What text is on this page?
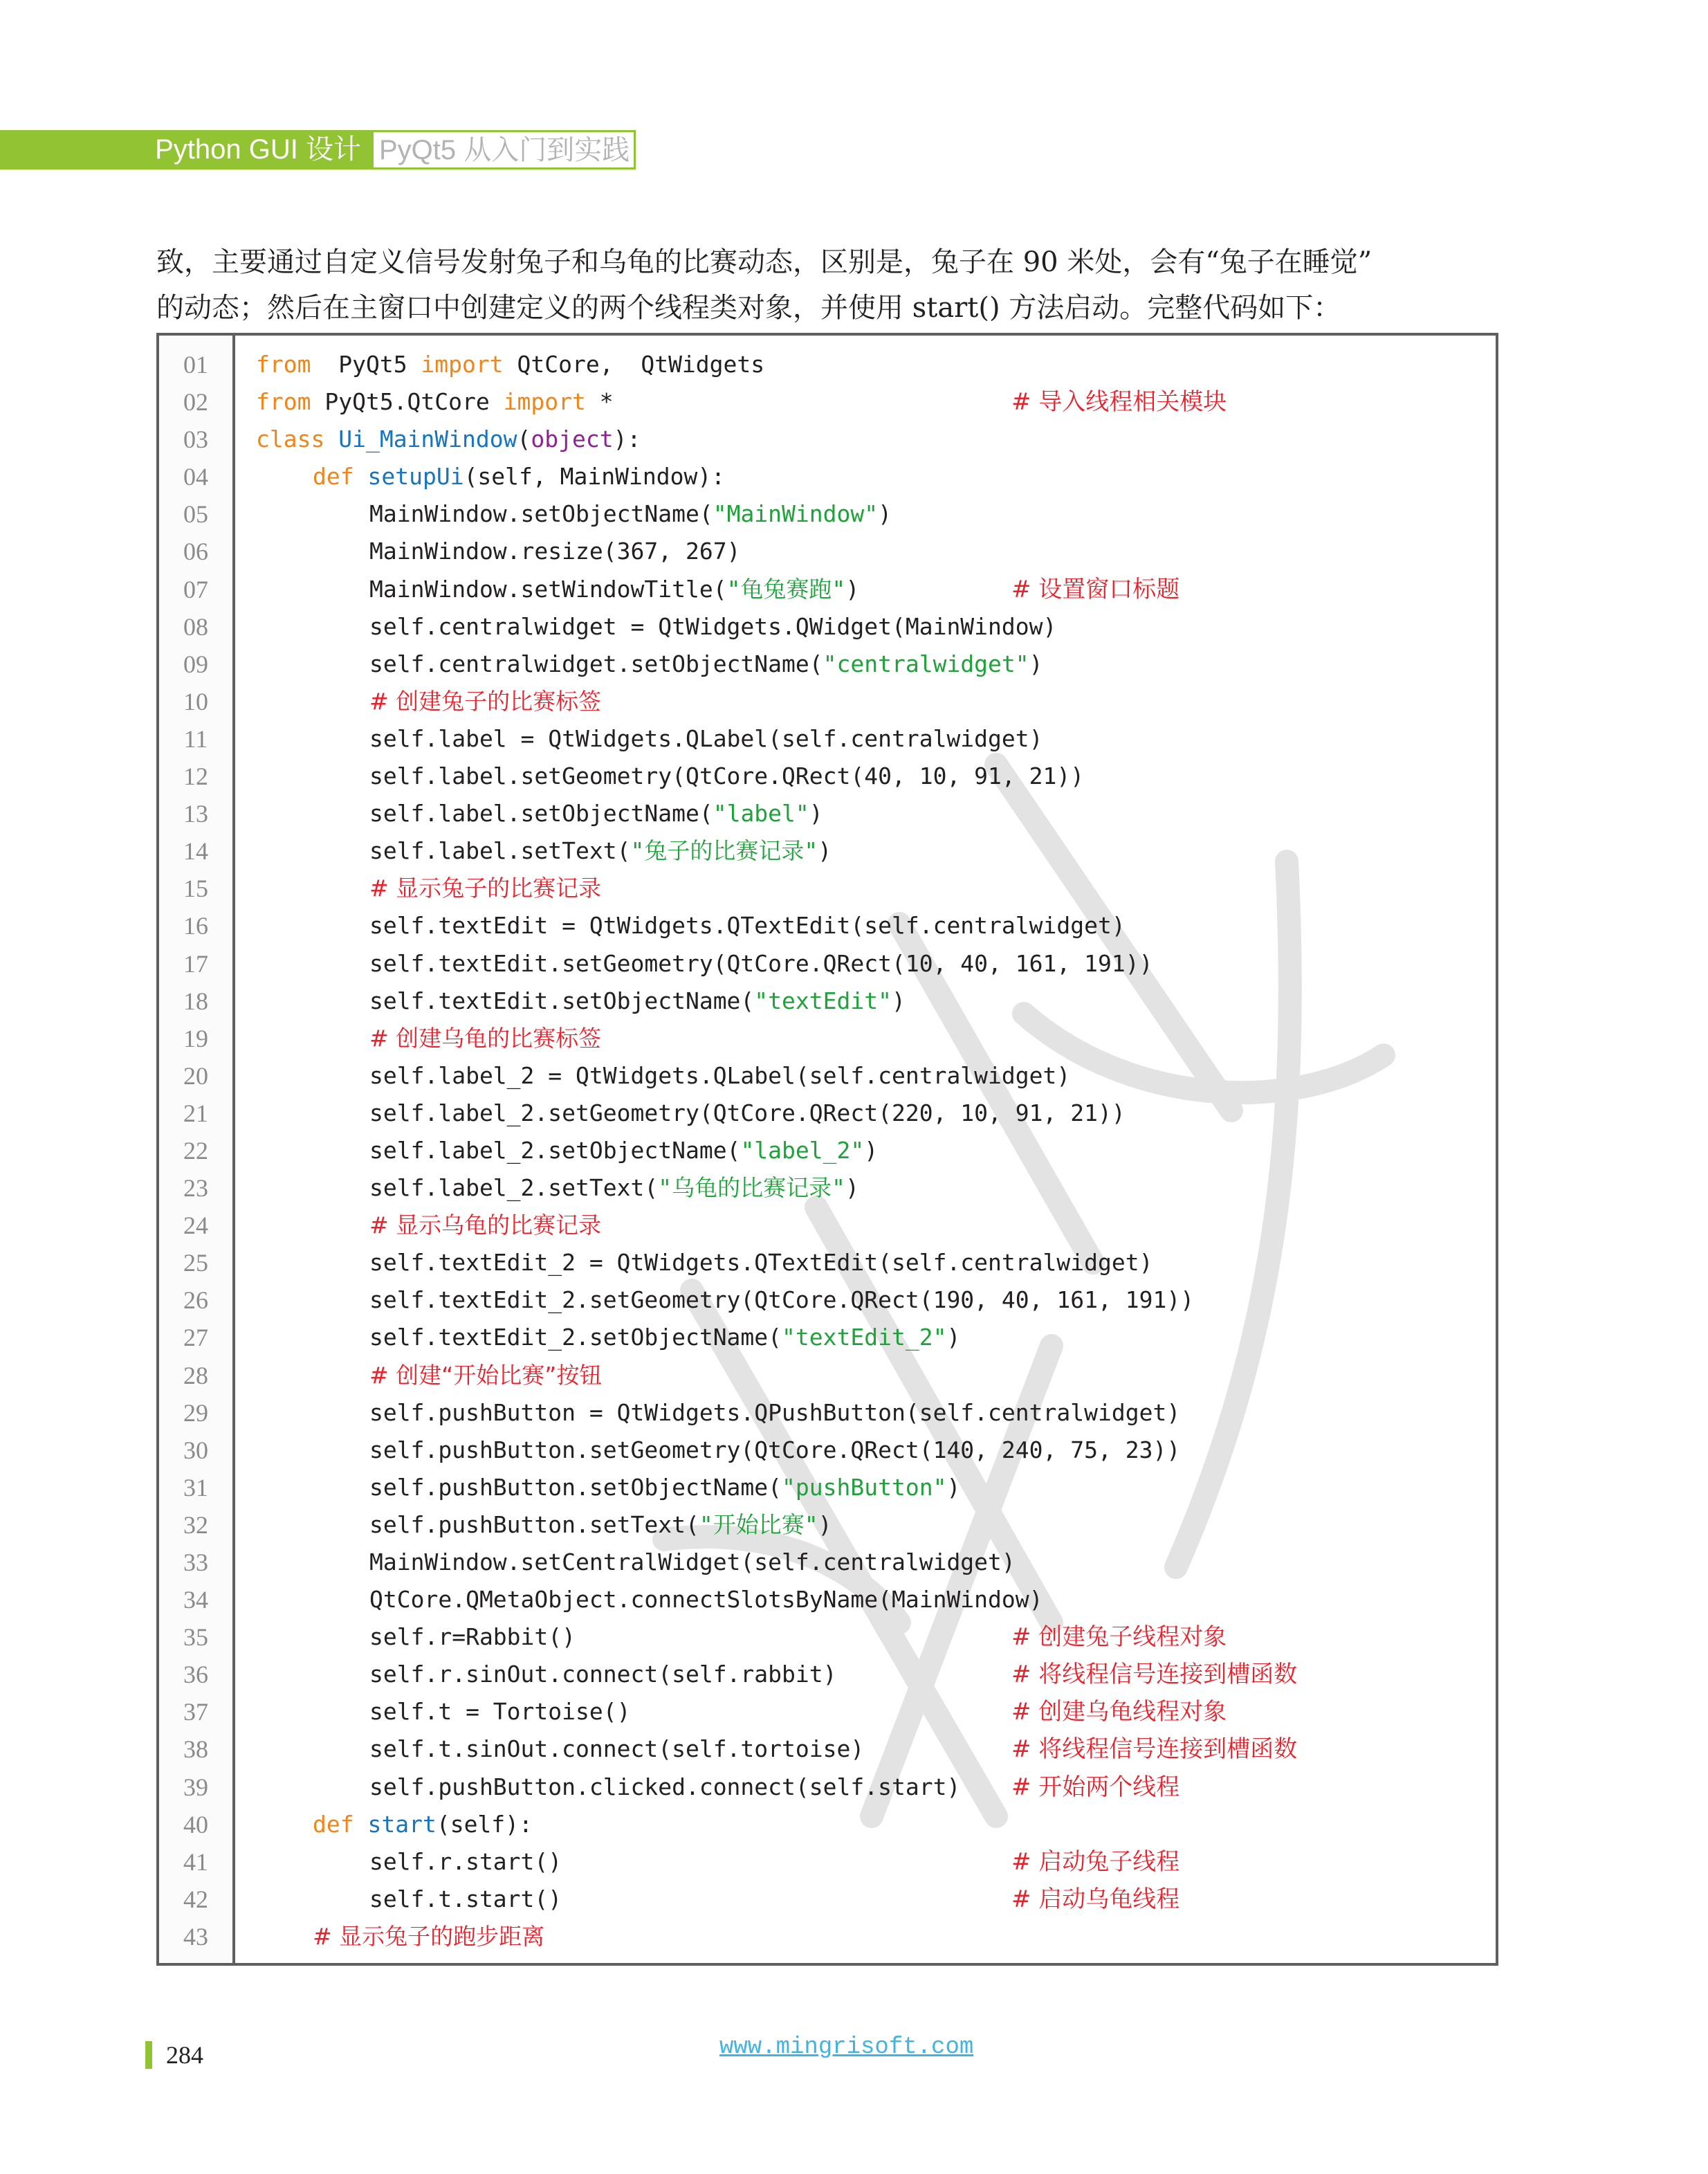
Python GUI 设计 PyQt5 从入门到实践

致，主要通过自定义信号发射兔子和乌龟的比赛动态，区别是，兔子在 90 米处，会有“兔子在睡觉”

的动态；然后在主窗口中创建定义的两个线程类对象，并使用 start() 方法启动。完整代码如下：

01	from  PyQt5 import QtCore,  QtWidgets
02	from PyQt5.QtCore import *	# 导入线程相关模块
03	class Ui_MainWindow(object):
04	def setupUi(self, MainWindow):
05	MainWindow.setObjectName("MainWindow")
06	MainWindow.resize(367, 267)
07	MainWindow.setWindowTitle("龟兔赛跑")	# 设置窗口标题
08	self.centralwidget = QtWidgets.QWidget(MainWindow)
09	self.centralwidget.setObjectName("centralwidget")
10	# 创建兔子的比赛标签
11	self.label = QtWidgets.QLabel(self.centralwidget)
12	self.label.setGeometry(QtCore.QRect(40, 10, 91, 21))
13	self.label.setObjectName("label")
14	self.label.setText("兔子的比赛记录")
15	# 显示兔子的比赛记录
16	self.textEdit = QtWidgets.QTextEdit(self.centralwidget)
17	self.textEdit.setGeometry(QtCore.QRect(10, 40, 161, 191))
18	self.textEdit.setObjectName("textEdit")
19	# 创建乌龟的比赛标签
20	self.label_2 = QtWidgets.QLabel(self.centralwidget)
21	self.label_2.setGeometry(QtCore.QRect(220, 10, 91, 21))
22	self.label_2.setObjectName("label_2")
23	self.label_2.setText("乌龟的比赛记录")
24	# 显示乌龟的比赛记录
25	self.textEdit_2 = QtWidgets.QTextEdit(self.centralwidget)
26	self.textEdit_2.setGeometry(QtCore.QRect(190, 40, 161, 191))
27	self.textEdit_2.setObjectName("textEdit_2")
28	# 创建“开始比赛”按钮
29	self.pushButton = QtWidgets.QPushButton(self.centralwidget)
30	self.pushButton.setGeometry(QtCore.QRect(140, 240, 75, 23))
31	self.pushButton.setObjectName("pushButton")
32	self.pushButton.setText("开始比赛")
33	MainWindow.setCentralWidget(self.centralwidget)
34	QtCore.QMetaObject.connectSlotsByName(MainWindow)
35	self.r=Rabbit()	# 创建兔子线程对象
36	self.r.sinOut.connect(self.rabbit)	# 将线程信号连接到槽函数
37	self.t = Tortoise()	# 创建乌龟线程对象
38	self.t.sinOut.connect(self.tortoise)	# 将线程信号连接到槽函数
39	self.pushButton.clicked.connect(self.start) # 开始两个线程
40	def start(self):
41	self.r.start()	# 启动兔子线程
42	self.t.start()	# 启动乌龟线程
43	# 显示兔子的跑步距离
284	www.mingrisoft.com
